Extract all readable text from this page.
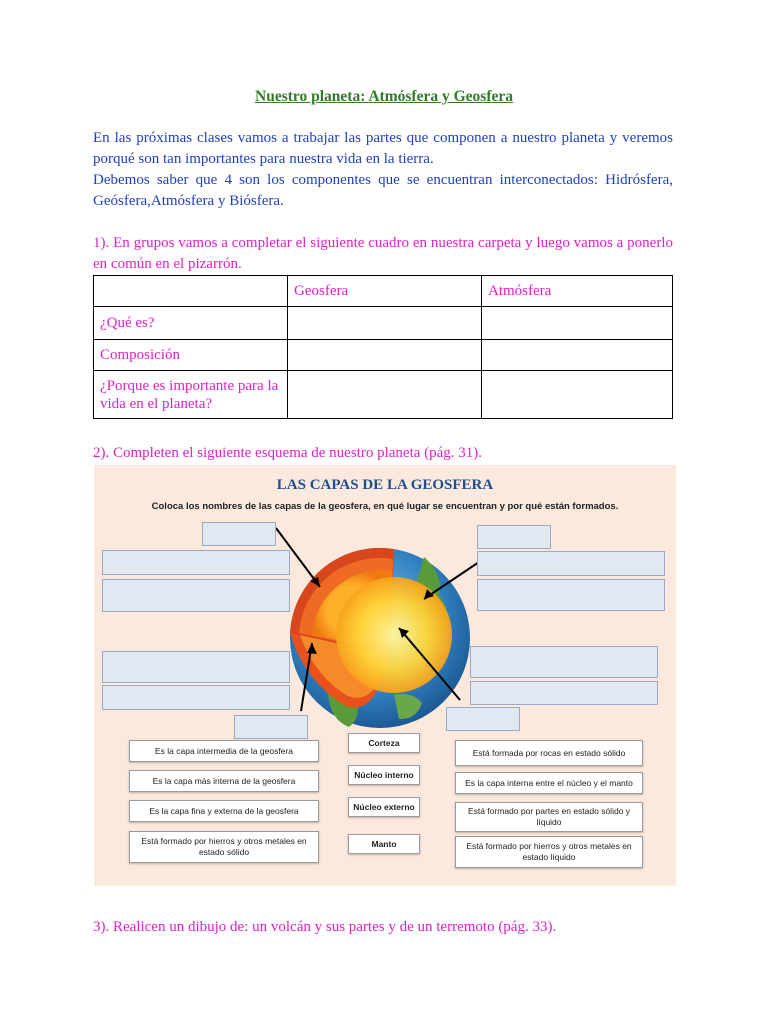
Nuestro planeta: Atmósfera y Geosfera
En las próximas clases vamos a trabajar las partes que componen a nuestro planeta y veremos porqué son tan importantes para nuestra vida en la tierra.
Debemos saber que 4 son los componentes que se encuentran interconectados: Hidrósfera, Geósfera,Atmósfera y Biósfera.
1). En grupos vamos a completar el siguiente cuadro en nuestra carpeta y luego vamos a ponerlo en común en el pizarrón.
	Geosfera	Atmósfera
¿Qué es?		
Composición		
¿Porque es importante para la vida en el planeta?		
2). Completen el siguiente esquema de nuestro planeta (pág. 31).
LAS CAPAS DE LA GEOSFERA
Coloca los nombres de las capas de la geosfera, en qué lugar se encuentran y por qué están formados.
Es la capa intermedia de la geosfera
Es la capa más interna de la geosfera
Es la capa fina y externa de la geosfera
Está formado por hierros y otros metales en estado sólido
Corteza
Núcleo interno
Núcleo externo
Manto
Está formada por rocas en estado sólido
Es la capa interna entre el núcleo y el manto
Está formado por partes en estado sólido y líquido
Está formado por hierros y otros metales en estado líquido
3). Realicen un dibujo de: un volcán y sus partes y de un terremoto (pág. 33).
